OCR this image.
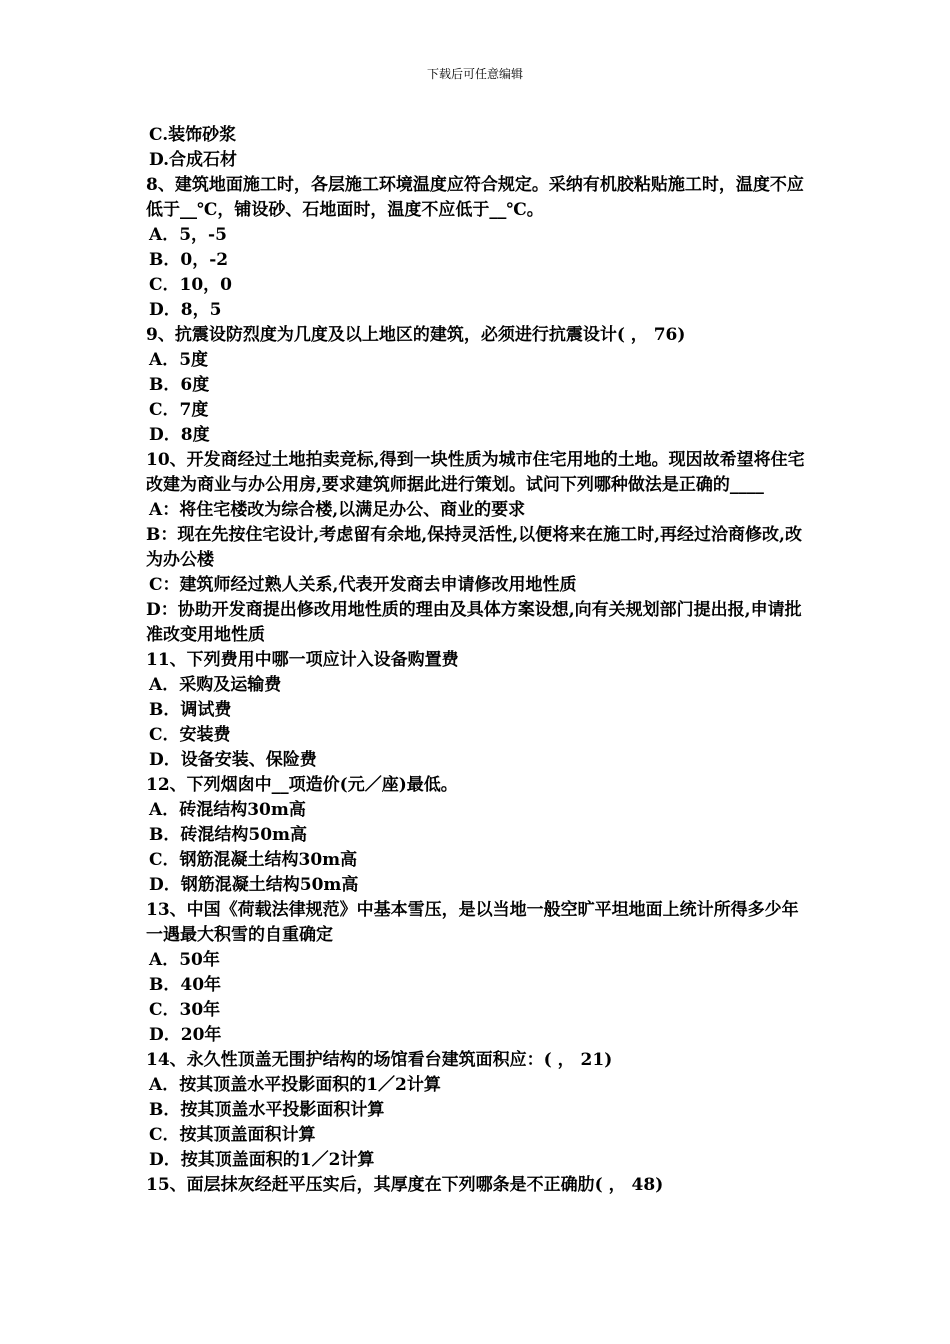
下载后可任意编辑
C.装饰砂浆
D.合成石材
8、建筑地面施工时，各层施工环境温度应符合规定。采纳有机胶粘贴施工时，温度不应低于__℃，铺设砂、石地面时，温度不应低于__℃。
A．5，-5
B．0，-2
C．10，0
D．8，5
9、抗震设防烈度为几度及以上地区的建筑，必须进行抗震设计( ， 76)
A．5度
B．6度
C．7度
D．8度
10、开发商经过土地拍卖竞标,得到一块性质为城市住宅用地的土地。现因故希望将住宅改建为商业与办公用房,要求建筑师据此进行策划。试问下列哪种做法是正确的____
A：将住宅楼改为综合楼,以满足办公、商业的要求
B：现在先按住宅设计,考虑留有余地,保持灵活性,以便将来在施工时,再经过洽商修改,改为办公楼
C：建筑师经过熟人关系,代表开发商去申请修改用地性质
D：协助开发商提出修改用地性质的理由及具体方案设想,向有关规划部门提出报,申请批准改变用地性质
11、下列费用中哪一项应计入设备购置费
A．采购及运输费
B．调试费
C．安装费
D．设备安装、保险费
12、下列烟囱中__项造价(元／座)最低。
A．砖混结构30m高
B．砖混结构50m高
C．钢筋混凝土结构30m高
D．钢筋混凝土结构50m高
13、中国《荷载法律规范》中基本雪压，是以当地一般空旷平坦地面上统计所得多少年一遇最大积雪的自重确定
A．50年
B．40年
C．30年
D．20年
14、永久性顶盖无围护结构的场馆看台建筑面积应：( ， 21)
A．按其顶盖水平投影面积的1／2计算
B．按其顶盖水平投影面积计算
C．按其顶盖面积计算
D．按其顶盖面积的1／2计算
15、面层抹灰经赶平压实后，其厚度在下列哪条是不正确肋( ， 48)
